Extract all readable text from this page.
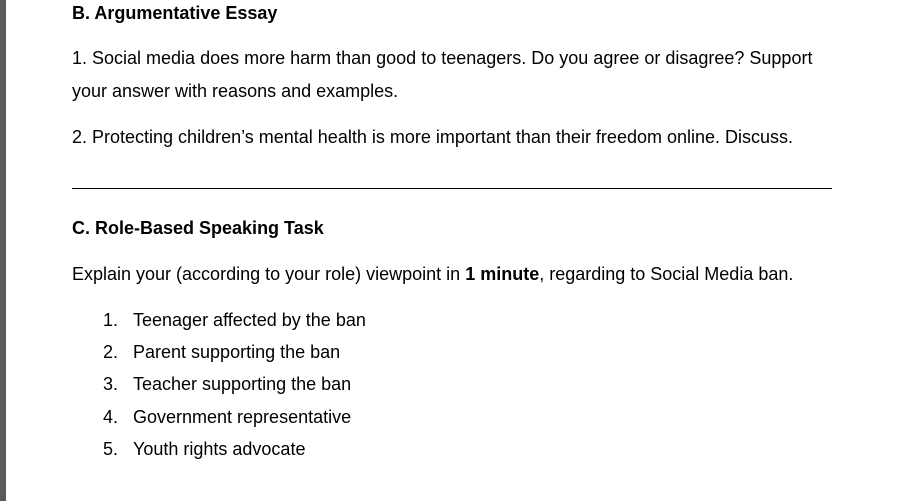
B. Argumentative Essay
1. Social media does more harm than good to teenagers. Do you agree or disagree? Support
your answer with reasons and examples.
2. Protecting children’s mental health is more important than their freedom online. Discuss.
C. Role-Based Speaking Task
Explain your (according to your role) viewpoint in 1 minute, regarding to Social Media ban.
1. Teenager affected by the ban
2. Parent supporting the ban
3. Teacher supporting the ban
4. Government representative
5. Youth rights advocate
